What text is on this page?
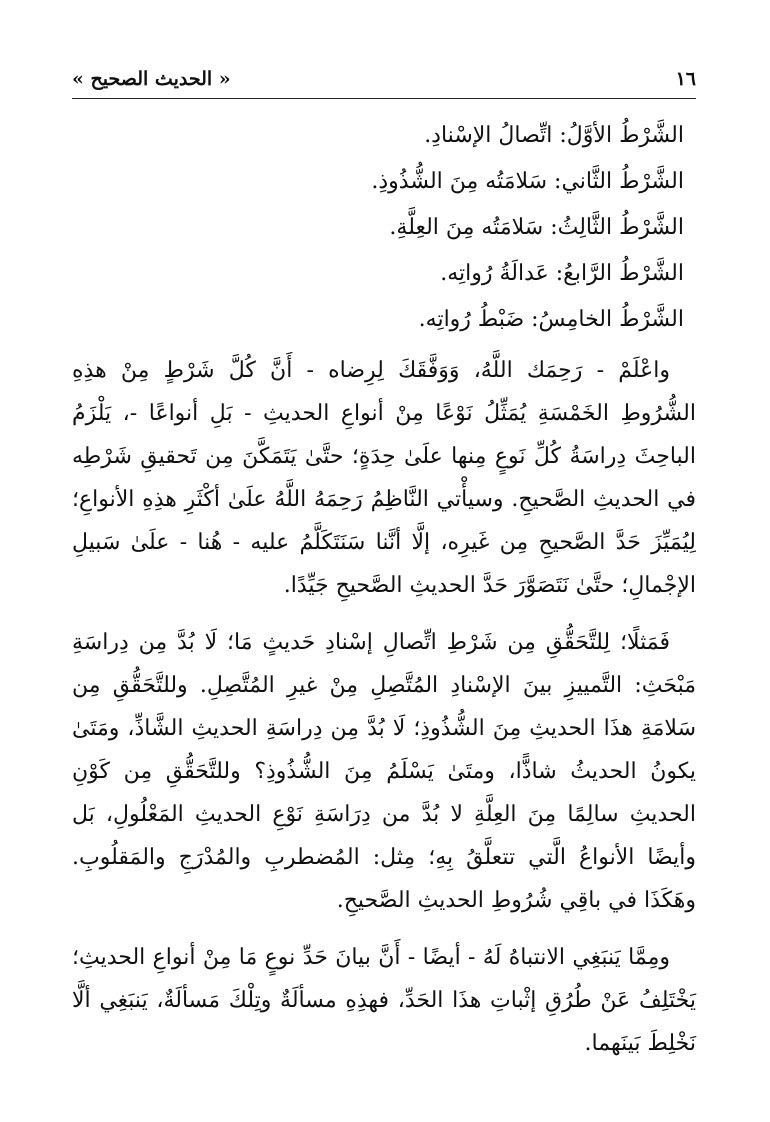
١٦
« الحديث الصحيح »
الشَّرْطُ الأوَّلُ: اتِّصالُ الإسْنادِ.
الشَّرْطُ الثَّاني: سَلامَتُه مِنَ الشُّذُوذِ.
الشَّرْطُ الثَّالِثُ: سَلامَتُه مِنَ العِلَّةِ.
الشَّرْطُ الرَّابعُ: عَدالَةُ رُواتِه.
الشَّرْطُ الخامِسُ: ضَبْطُ رُواتِه.

واعْلَمْ - رَحِمَك اللَّهُ، وَوَفَّقَكَ لِرِضاه - أَنَّ كُلَّ شَرْطٍ مِنْ هذِهِ الشُّرُوطِ الخَمْسَةِ يُمَثِّلُ نَوْعًا مِنْ أنواعِ الحديثِ - بَلِ أنواعًا -، يَلْزَمُ الباحِثَ دِراسَةُ كُلِّ نَوعٍ مِنها علَىٰ حِدَةٍ؛ حتَّىٰ يَتَمَكَّنَ مِن تَحقيقِ شَرْطِه في الحديثِ الصَّحيحِ. وسيأْتي النَّاظِمُ رَحِمَهُ اللَّهُ علَىٰ أكْثَرِ هذِهِ الأنواعِ؛ لِيُمَيِّزَ حَدَّ الصَّحيحِ مِن غَيرِه، إلَّا أنَّنا سَنَتَكَلَّمُ عليه - هُنا - علَىٰ سَبيلِ الإجْمالِ؛ حتَّىٰ نَتَصَوَّرَ حَدَّ الحديثِ الصَّحيحِ جَيِّدًا.

فَمَثلًا؛ لِلتَّحَقُّقِ مِن شَرْطِ اتِّصالِ إسْنادِ حَديثٍ مَا؛ لَا بُدَّ مِن دِراسَةِ مَبْحَثِ: التَّمييزِ بينَ الإسْنادِ المُتَّصِلِ مِنْ غيرِ المُتَّصِلِ. وللتَّحَقُّقِ مِن سَلامَةِ هذَا الحديثِ مِنَ الشُّذُوذِ؛ لَا بُدَّ مِن دِراسَةِ الحديثِ الشَّاذِّ، ومَتَىٰ يكونُ الحديثُ شاذًّا، ومتَىٰ يَسْلَمُ مِنَ الشُّذُوذِ؟ وللتَّحَقُّقِ مِن كَوْنِ الحديثِ سالِمًا مِنَ العِلَّةِ لا بُدَّ من دِرَاسَةِ نَوْعِ الحديثِ المَعْلُولِ، بَل وأيضًا الأنواعُ الَّتي تتعلَّقُ بِهِ؛ مِثل: المُضطربِ والمُدْرَجِ والمَقلُوبِ. وهَكَذَا في باقِي شُرُوطِ الحديثِ الصَّحيحِ.

ومِمَّا يَنبَغِي الانتباهُ لَهُ - أيضًا - أَنَّ بيانَ حَدِّ نوعٍ مَا مِنْ أنواعِ الحديثِ؛ يَخْتَلِفُ عَنْ طُرُقِ إثْباتِ هذَا الحَدِّ، فهذِهِ مسألَةٌ وتِلْكَ مَسألَةٌ، يَنبَغِي ألَّا نَخْلِطَ بَينَهما.
